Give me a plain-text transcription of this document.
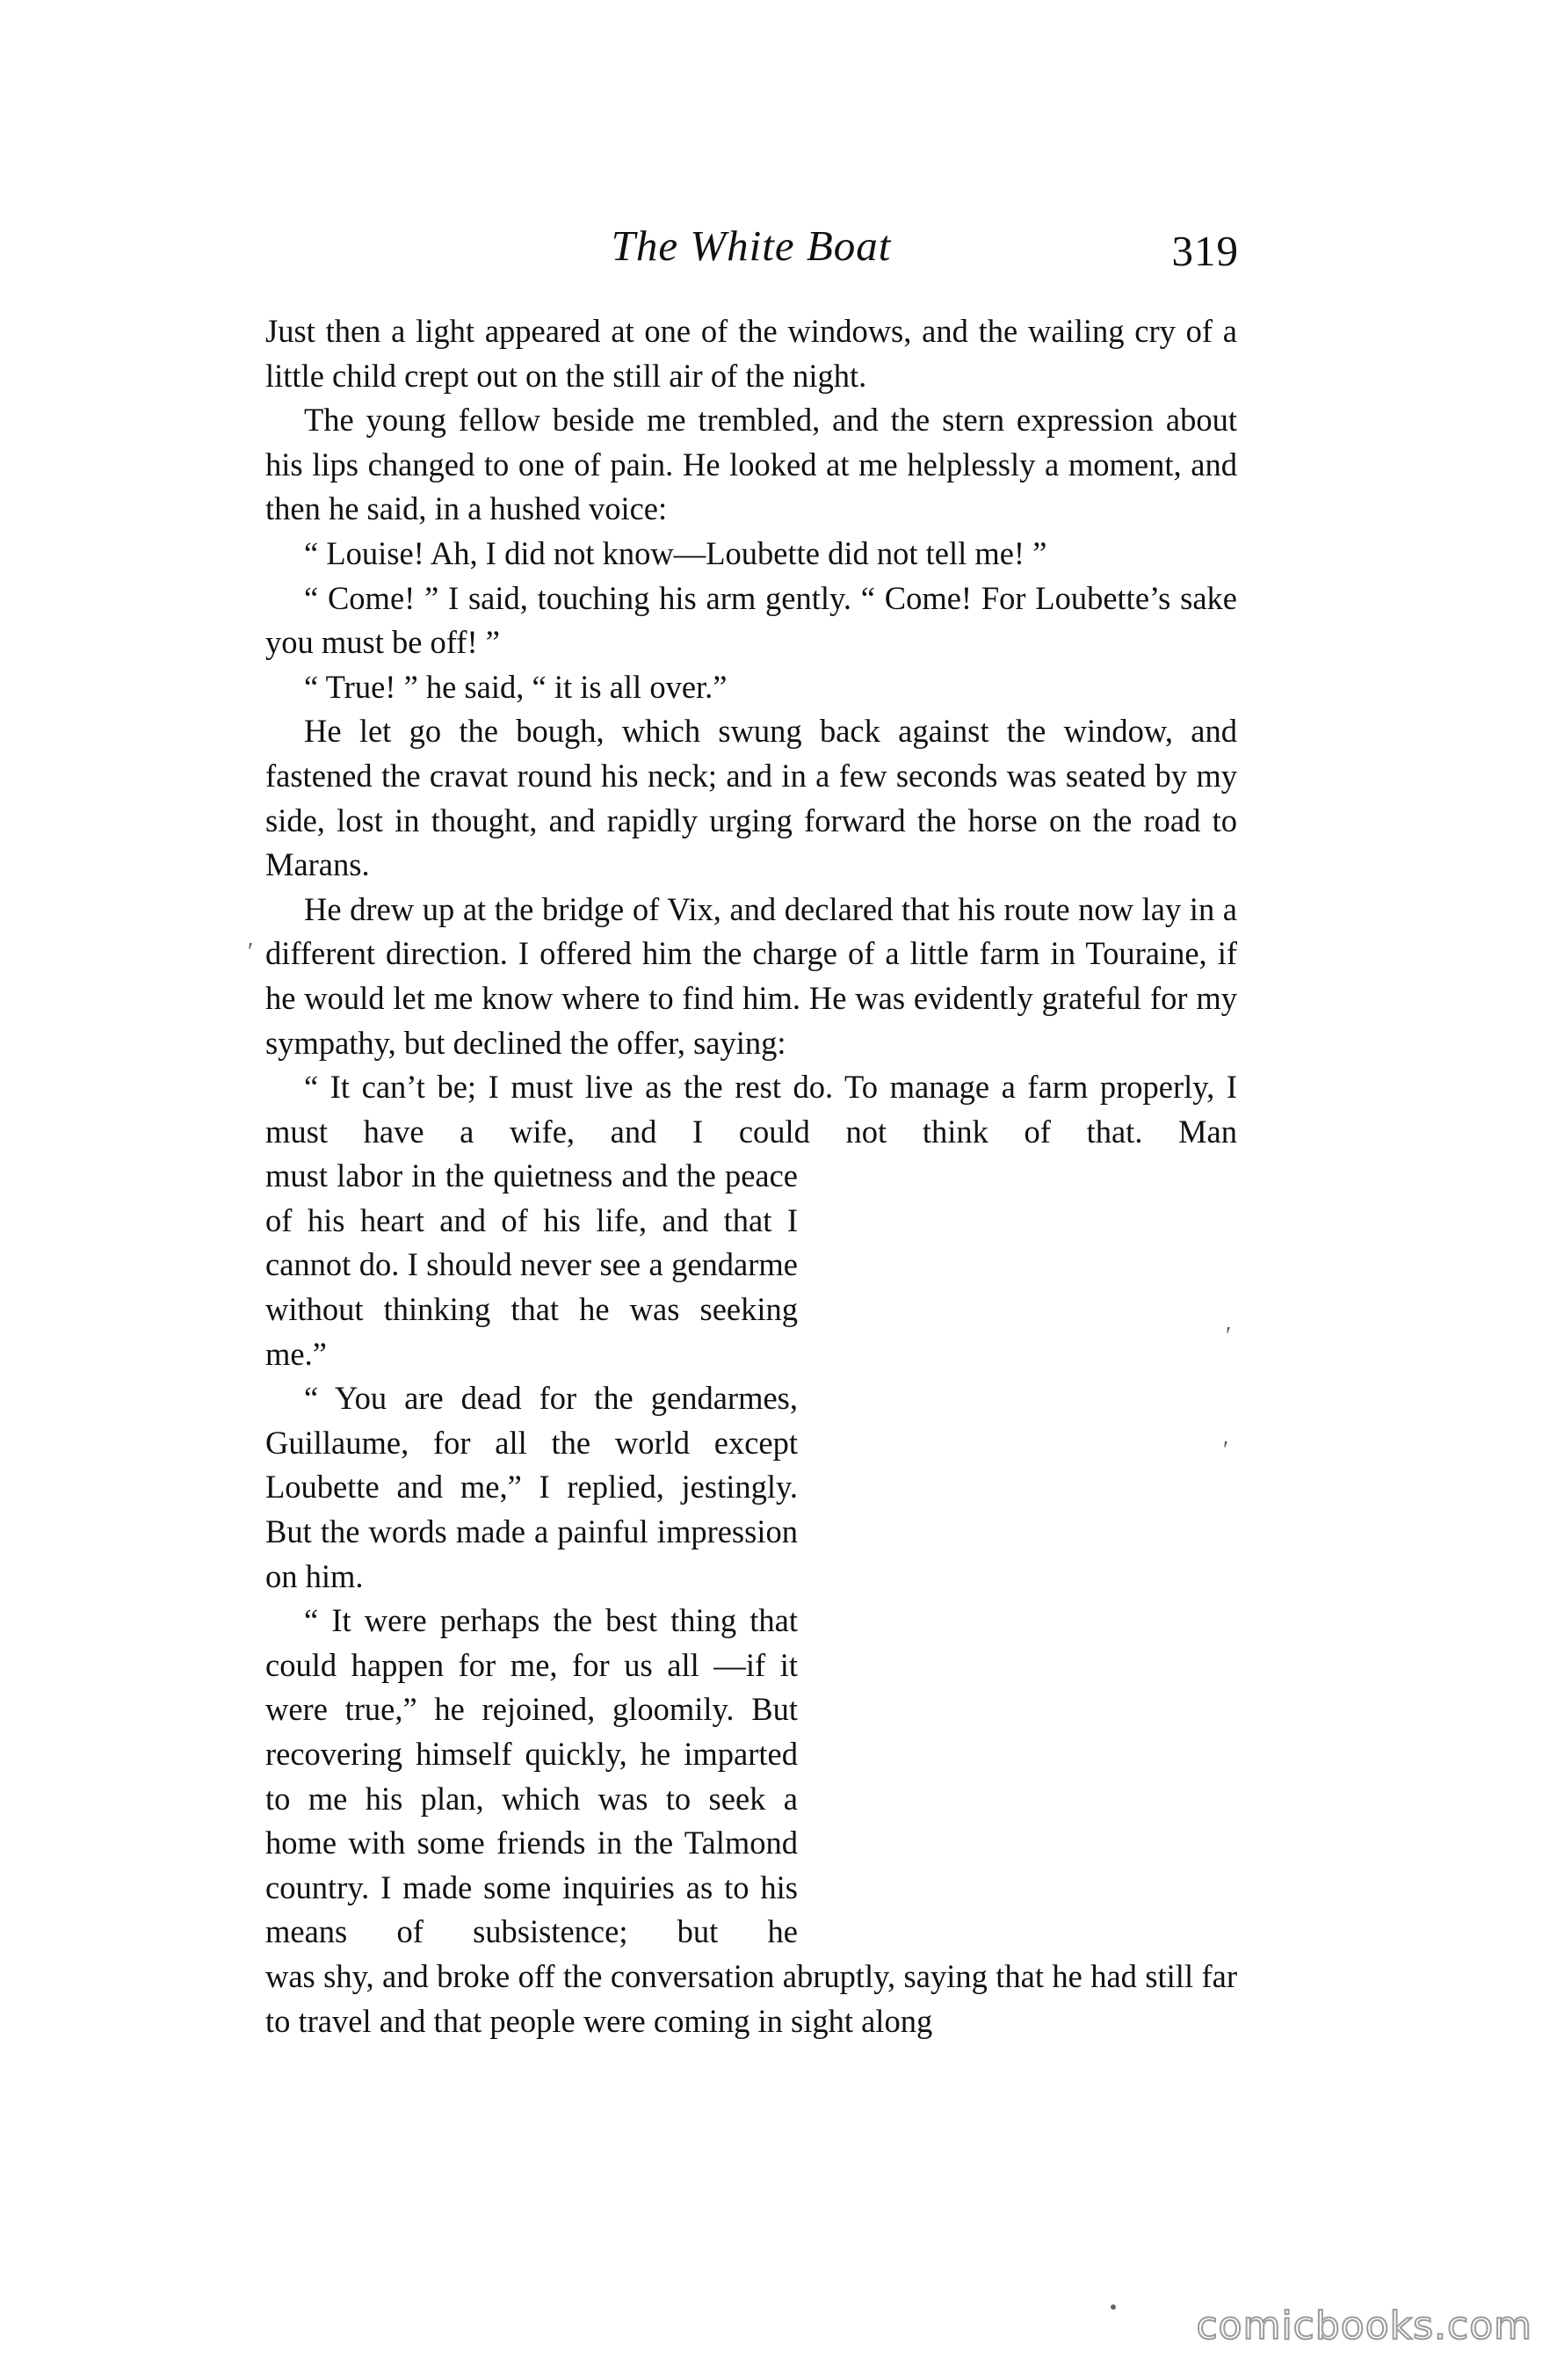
The White Boat	319

Just then a light appeared at one of the windows, and the wailing cry of a little child crept out on the still air of the night.

The young fellow beside me trembled, and the stern expression about his lips changed to one of pain. He looked at me helplessly a moment, and then he said, in a hushed voice:

“ Louise! Ah, I did not know—Loubette did not tell me! ”

“ Come! ” I said, touching his arm gently. “ Come! For Loubette’s sake you must be off! ”

“ True! ” he said, “ it is all over.”

He let go the bough, which swung back against the window, and fastened the cravat round his neck; and in a few seconds was seated by my side, lost in thought, and rapidly urging forward the horse on the road to Marans.

He drew up at the bridge of Vix, and declared that his route now lay in a different direction. I offered him the charge of a little farm in Touraine, if he would let me know where to find him. He was evidently grateful for my sympathy, but declined the offer, saying:

“ It can’t be; I must live as the rest do. To manage a farm properly, I must have a wife, and I could not think of that. Man

must labor in the quietness and the peace of his heart and of his life, and that I cannot do. I should never see a gendarme without thinking that he was seeking me.”

“ You are dead for the gendarmes, Guillaume, for all the world except Loubette and me,” I replied, jestingly. But the words made a painful impression on him.

“ It were perhaps the best thing that could happen for me, for us all —if it were true,” he rejoined, gloomily. But recovering himself quickly, he imparted to me his plan, which was to seek a home with some friends in the Talmond country. I made some inquiries as to his means of subsistence; but he

was shy, and broke off the conversation abruptly, saying that he had still far to travel and that people were coming in sight along

′
′
′
comicbooks.com
